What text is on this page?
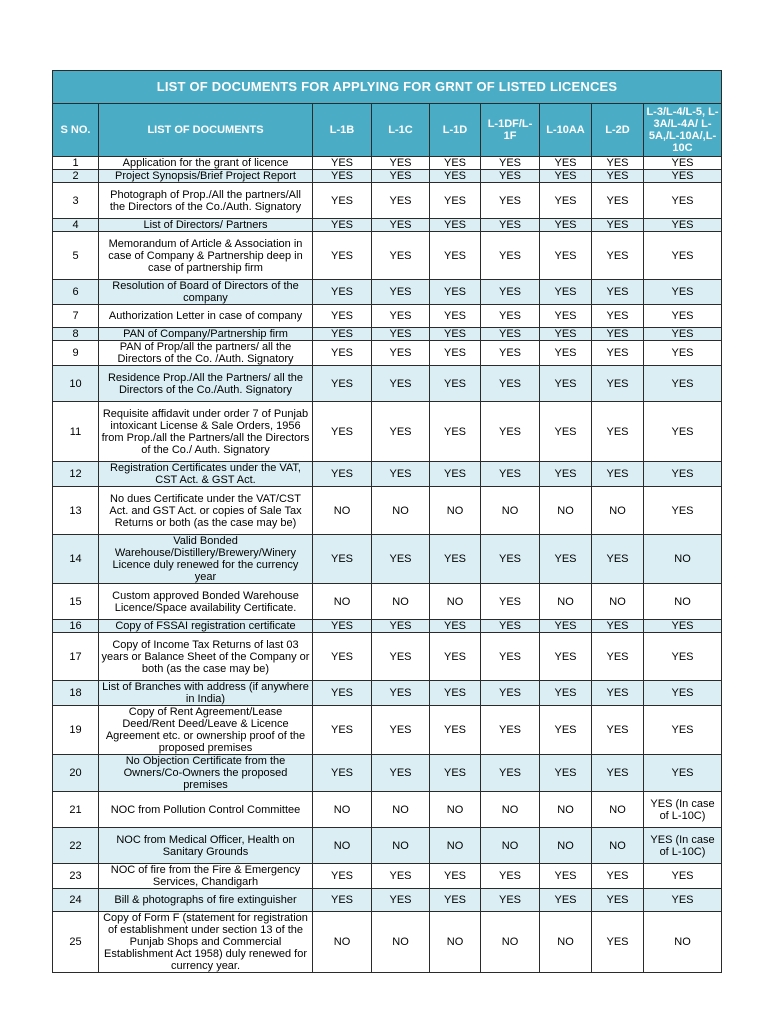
LIST OF DOCUMENTS FOR APPLYING FOR GRNT OF LISTED LICENCES								
S NO.	LIST OF DOCUMENTS	L-1B	L-1C	L-1D	L-1DF/L-1F	L-10AA	L-2D	L-3/L-4/L-5, L-3A/L-4A/ L-5A,/L-10A/,L-10C
1	Application for the grant of licence	YES	YES	YES	YES	YES	YES	YES
2	Project Synopsis/Brief Project Report	YES	YES	YES	YES	YES	YES	YES
3	Photograph of Prop./All the partners/All the Directors of the Co./Auth. Signatory	YES	YES	YES	YES	YES	YES	YES
4	List of Directors/ Partners	YES	YES	YES	YES	YES	YES	YES
5	Memorandum of Article & Association in case of Company & Partnership deep in case of partnership firm	YES	YES	YES	YES	YES	YES	YES
6	Resolution of Board of Directors of the company	YES	YES	YES	YES	YES	YES	YES
7	Authorization Letter in case of company	YES	YES	YES	YES	YES	YES	YES
8	PAN of Company/Partnership firm	YES	YES	YES	YES	YES	YES	YES
9	PAN of Prop/all the partners/ all the Directors of the Co. /Auth. Signatory	YES	YES	YES	YES	YES	YES	YES
10	Residence Prop./All the Partners/ all the Directors of the Co./Auth. Signatory	YES	YES	YES	YES	YES	YES	YES
11	Requisite affidavit under order 7 of Punjab intoxicant License & Sale Orders, 1956 from Prop./all the Partners/all the Directors of the Co./ Auth. Signatory	YES	YES	YES	YES	YES	YES	YES
12	Registration Certificates under the VAT, CST Act. & GST Act.	YES	YES	YES	YES	YES	YES	YES
13	No dues Certificate under the VAT/CST Act. and GST Act. or copies of Sale Tax Returns or both (as the case may be)	NO	NO	NO	NO	NO	NO	YES
14	Valid Bonded Warehouse/Distillery/Brewery/Winery Licence duly renewed for the currency year	YES	YES	YES	YES	YES	YES	NO
15	Custom approved Bonded Warehouse Licence/Space availability Certificate.	NO	NO	NO	YES	NO	NO	NO
16	Copy of FSSAI registration certificate	YES	YES	YES	YES	YES	YES	YES
17	Copy of Income Tax Returns of last 03 years or Balance Sheet of the Company or both (as the case may be)	YES	YES	YES	YES	YES	YES	YES
18	List of Branches with address (if anywhere in India)	YES	YES	YES	YES	YES	YES	YES
19	Copy of Rent Agreement/Lease Deed/Rent Deed/Leave & Licence Agreement etc. or ownership proof of the proposed premises	YES	YES	YES	YES	YES	YES	YES
20	No Objection Certificate from the Owners/Co-Owners the proposed premises	YES	YES	YES	YES	YES	YES	YES
21	NOC from Pollution Control Committee	NO	NO	NO	NO	NO	NO	YES (In case of L-10C)
22	NOC from Medical Officer, Health on Sanitary Grounds	NO	NO	NO	NO	NO	NO	YES (In case of L-10C)
23	NOC of fire from the Fire & Emergency Services, Chandigarh	YES	YES	YES	YES	YES	YES	YES
24	Bill & photographs of fire extinguisher	YES	YES	YES	YES	YES	YES	YES
25	Copy of Form F (statement for registration of establishment under section 13 of the Punjab Shops and Commercial Establishment Act 1958) duly renewed for currency year.	NO	NO	NO	NO	NO	YES	NO
